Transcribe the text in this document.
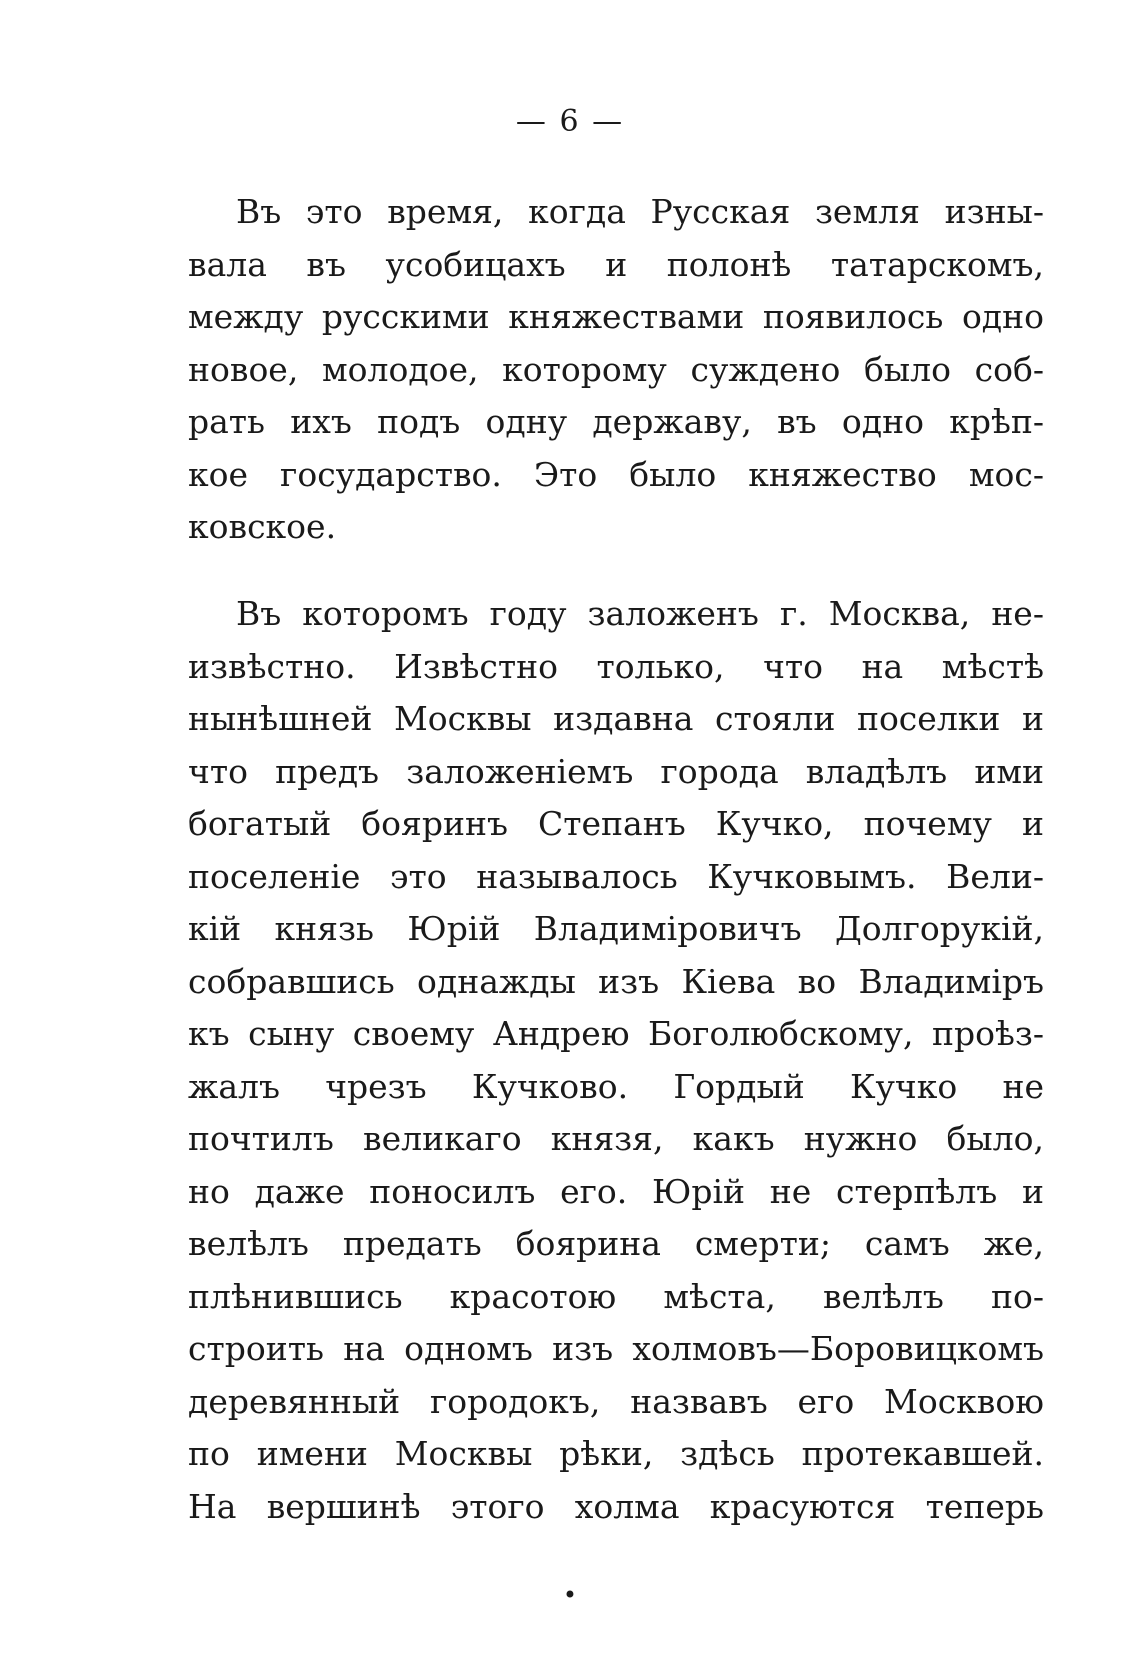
— 6 —
Въ это время, когда Русская земля изны-
вала въ усобицахъ и полонѣ татарскомъ,
между русскими княжествами появилось одно
новое, молодое, которому суждено было соб-
рать ихъ подъ одну державу, въ одно крѣп-
кое государство. Это было княжество мос-
ковское.
Въ которомъ году заложенъ г. Москва, не-
извѣстно. Извѣстно только, что на мѣстѣ
нынѣшней Москвы издавна стояли поселки и
что предъ заложеніемъ города владѣлъ ими
богатый бояринъ Степанъ Кучко, почему и
поселеніе это называлось Кучковымъ. Вели-
кій князь Юрій Владиміровичъ Долгорукій,
собравшись однажды изъ Кіева во Владиміръ
къ сыну своему Андрею Боголюбскому, проѣз-
жалъ чрезъ Кучково. Гордый Кучко не
почтилъ великаго князя, какъ нужно было,
но даже поносилъ его. Юрій не стерпѣлъ и
велѣлъ предать боярина смерти; самъ же,
плѣнившись красотою мѣста, велѣлъ по-
строить на одномъ изъ холмовъ—Боровицкомъ
деревянный городокъ, назвавъ его Москвою
по имени Москвы рѣки, здѣсь протекавшей.
На вершинѣ этого холма красуются теперь
•
